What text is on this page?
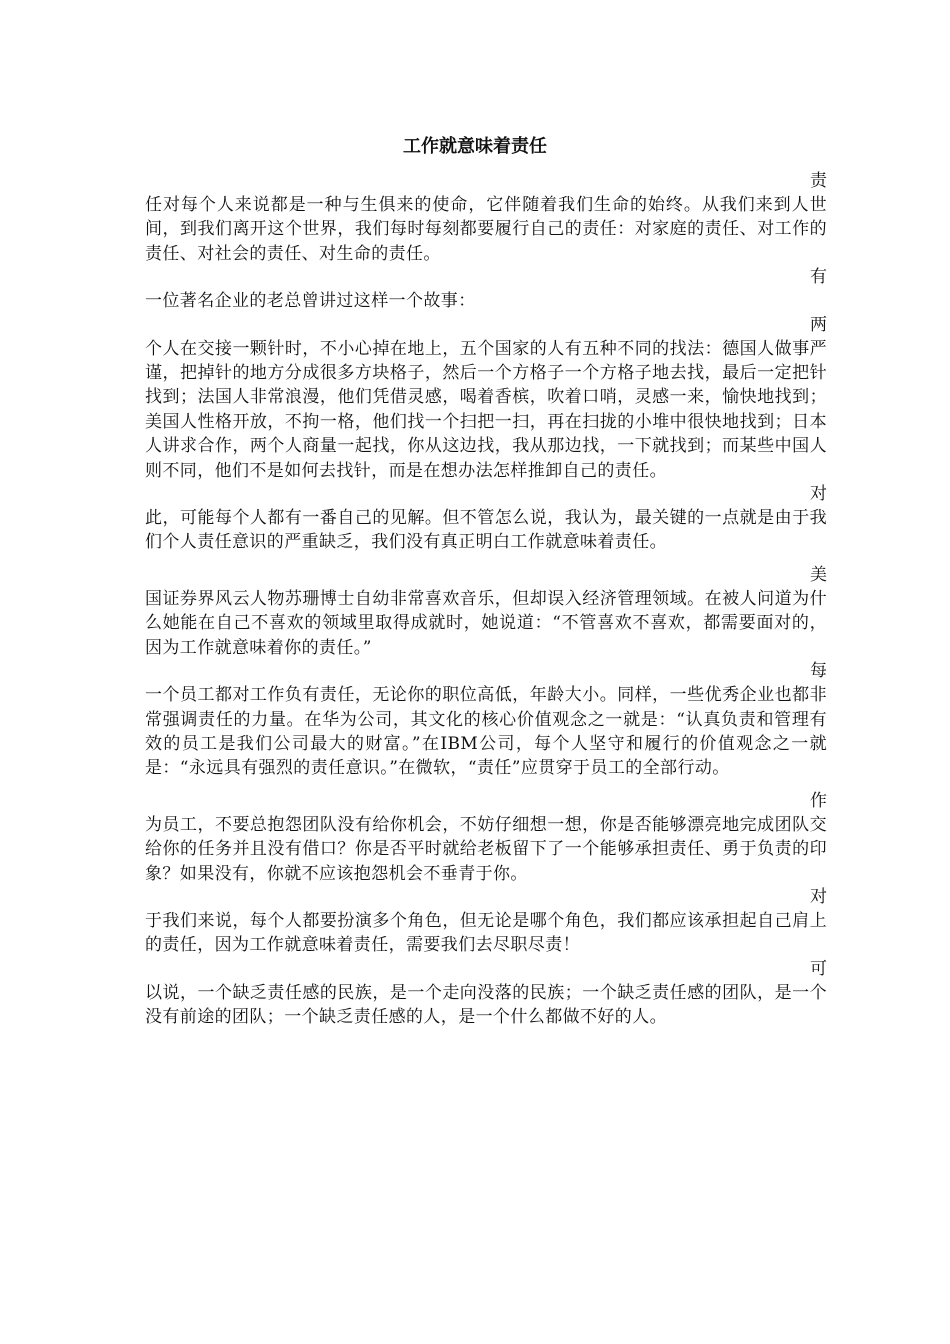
工作就意味着责任
责
任对每个人来说都是一种与生俱来的使命，它伴随着我们生命的始终。从我们来到人世间，到我们离开这个世界，我们每时每刻都要履行自己的责任：对家庭的责任、对工作的责任、对社会的责任、对生命的责任。
有
一位著名企业的老总曾讲过这样一个故事：
两
个人在交接一颗针时，不小心掉在地上，五个国家的人有五种不同的找法：德国人做事严谨，把掉针的地方分成很多方块格子，然后一个方格子一个方格子地去找，最后一定把针找到；法国人非常浪漫，他们凭借灵感，喝着香槟，吹着口哨，灵感一来，愉快地找到；美国人性格开放，不拘一格，他们找一个扫把一扫，再在扫拢的小堆中很快地找到；日本人讲求合作，两个人商量一起找，你从这边找，我从那边找，一下就找到；而某些中国人则不同，他们不是如何去找针，而是在想办法怎样推卸自己的责任。
对
此，可能每个人都有一番自己的见解。但不管怎么说，我认为，最关键的一点就是由于我们个人责任意识的严重缺乏，我们没有真正明白工作就意味着责任。
美
国证券界风云人物苏珊博士自幼非常喜欢音乐，但却误入经济管理领域。在被人问道为什么她能在自己不喜欢的领域里取得成就时，她说道：“不管喜欢不喜欢，都需要面对的，因为工作就意味着你的责任。”
每
一个员工都对工作负有责任，无论你的职位高低，年龄大小。同样，一些优秀企业也都非常强调责任的力量。在华为公司，其文化的核心价值观念之一就是：“认真负责和管理有效的员工是我们公司最大的财富。”在IBM公司，每个人坚守和履行的价值观念之一就是：“永远具有强烈的责任意识。”在微软，“责任”应贯穿于员工的全部行动。
作
为员工，不要总抱怨团队没有给你机会，不妨仔细想一想，你是否能够漂亮地完成团队交给你的任务并且没有借口？你是否平时就给老板留下了一个能够承担责任、勇于负责的印象？如果没有，你就不应该抱怨机会不垂青于你。
对
于我们来说，每个人都要扮演多个角色，但无论是哪个角色，我们都应该承担起自己肩上的责任，因为工作就意味着责任，需要我们去尽职尽责！
可
以说，一个缺乏责任感的民族，是一个走向没落的民族；一个缺乏责任感的团队，是一个没有前途的团队；一个缺乏责任感的人，是一个什么都做不好的人。
